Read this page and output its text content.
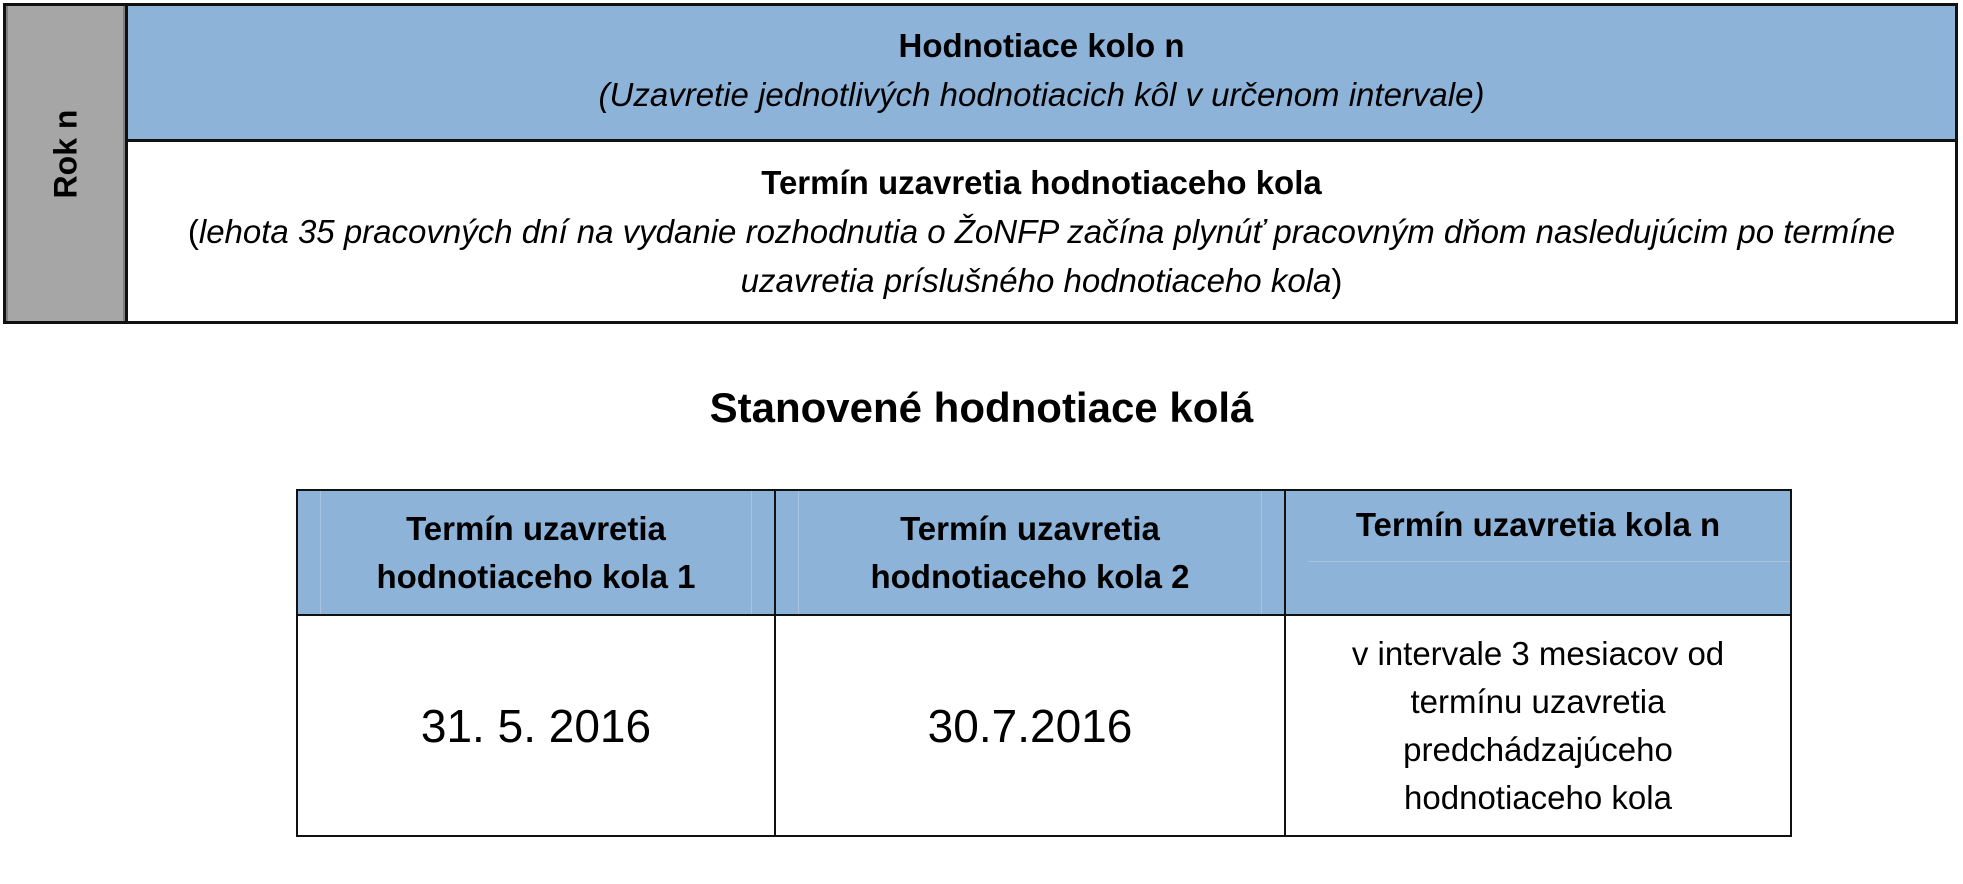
Rok n
Hodnotiace kolo n
(Uzavretie jednotlivých hodnotiacich kôl v určenom intervale)
Termín uzavretia hodnotiaceho kola
(lehota 35 pracovných dní na vydanie rozhodnutia o ŽoNFP začína plynúť pracovným dňom nasledujúcim po termíne uzavretia príslušného hodnotiaceho kola)
Stanovené hodnotiace kolá
Termín uzavretia hodnotiaceho kola 1
Termín uzavretia hodnotiaceho kola 2
Termín uzavretia kola n
31. 5. 2016	30.7.2016
v intervale 3 mesiacov od termínu uzavretia predchádzajúceho hodnotiaceho kola
